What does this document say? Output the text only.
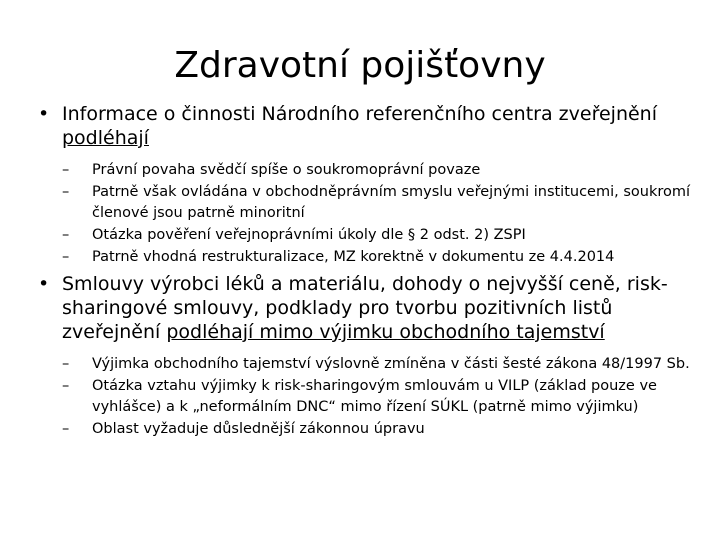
Zdravotní pojišťovny
• Informace o činnosti Národního referenčního centra zveřejnění podléhají
– Právní povaha svědčí spíše o soukromoprávní povaze
– Patrně však ovládána v obchodněprávním smyslu veřejnými institucemi, soukromí členové jsou patrně minoritní
– Otázka pověření veřejnoprávními úkoly dle § 2 odst. 2) ZSPI
– Patrně vhodná restrukturalizace, MZ korektně v dokumentu ze 4.4.2014
• Smlouvy výrobci léků a materiálu, dohody o nejvyšší ceně, risk-sharingové smlouvy, podklady pro tvorbu pozitivních listů zveřejnění podléhají mimo výjimku obchodního tajemství
– Výjimka obchodního tajemství výslovně zmíněna v části šesté zákona 48/1997 Sb.
– Otázka vztahu výjimky k risk-sharingovým smlouvám u VILP (základ pouze ve vyhlášce) a k „neformálním DNC“ mimo řízení SÚKL (patrně mimo výjimku)
– Oblast vyžaduje důslednější zákonnou úpravu
